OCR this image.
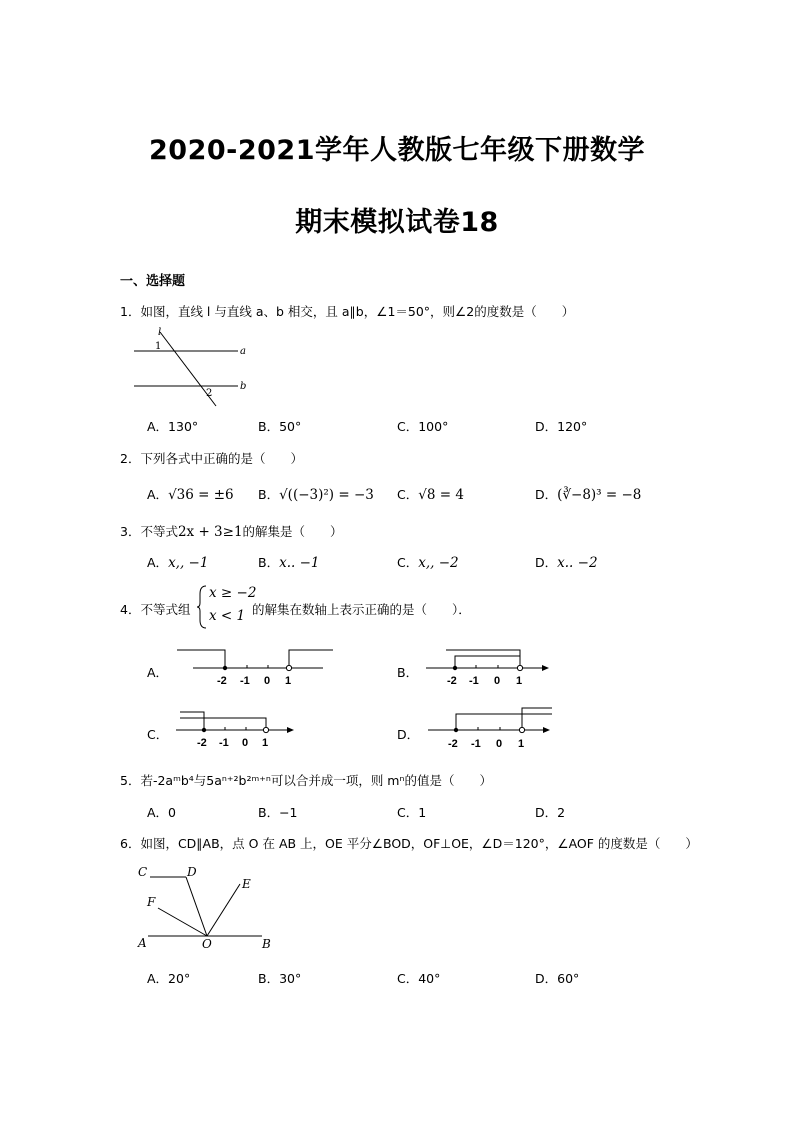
2020-2021学年人教版七年级下册数学
期末模拟试卷18
一、选择题
1．如图，直线 l 与直线 a、b 相交，且 a∥b，∠1＝50°，则∠2的度数是（　　）
l
1	a
b
2
A．130°	B．50°	C．100°	D．120°
2．下列各式中正确的是（　　）
A．√36 = ±6 B．√((−3)²) = −3 C．√8 = 4	D．(∛−8)³ = −8
3．不等式2x + 3≥1的解集是（　　）
A．x,, −1	B．x.. −1	C．x,, −2	D．x.. −2
4．不等式组
x ≥ −2
x < 1 的解集在数轴上表示正确的是（　　）．
A．
-2 -1 0 1
B．
-2 -1 0 1
C．
-2 -1 0 1
D．
-2 -1 0 1
5．若-2aᵐb⁴与5aⁿ⁺²b²ᵐ⁺ⁿ可以合并成一项，则 mⁿ的值是（　　）
A．0	B．−1	C．1	D．2
6．如图，CD∥AB，点 O 在 AB 上，OE 平分∠BOD，OF⊥OE，∠D＝120°，∠AOF 的度数是（　　）
C	D
E
F
A	O	B
A．20°	B．30°	C．40°	D．60°
